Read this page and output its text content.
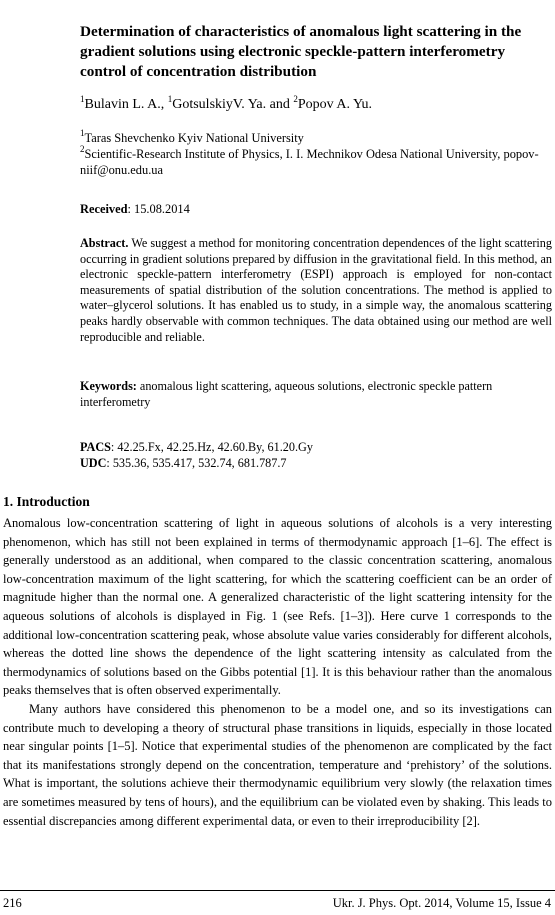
Determination of characteristics of anomalous light scattering in the gradient solutions using electronic speckle-pattern interferometry control of concentration distribution
$^1$Bulavin L. A., $^1$GotsulskiyV. Ya. and $^2$Popov A. Yu.
$^1$Taras Shevchenko Kyiv National University
$^2$Scientific-Research Institute of Physics, I. I. Mechnikov Odesa National University, popov-niif@onu.edu.ua
Received: 15.08.2014
Abstract. We suggest a method for monitoring concentration dependences of the light scattering occurring in gradient solutions prepared by diffusion in the gravitational field. In this method, an electronic speckle-pattern interferometry (ESPI) approach is employed for non-contact measurements of spatial distribution of the solution concentrations. The method is applied to water–glycerol solutions. It has enabled us to study, in a simple way, the anomalous scattering peaks hardly observable with common techniques. The data obtained using our method are well reproducible and reliable.
Keywords: anomalous light scattering, aqueous solutions, electronic speckle pattern interferometry
PACS: 42.25.Fx, 42.25.Hz, 42.60.By, 61.20.Gy
UDC: 535.36, 535.417, 532.74, 681.787.7
1. Introduction

Anomalous low-concentration scattering of light in aqueous solutions of alcohols is a very interesting phenomenon, which has still not been explained in terms of thermodynamic approach [1–6]. The effect is generally understood as an additional, when compared to the classic concentration scattering, anomalous low-concentration maximum of the light scattering, for which the scattering coefficient can be an order of magnitude higher than the normal one. A generalized characteristic of the light scattering intensity for the aqueous solutions of alcohols is displayed in Fig. 1 (see Refs. [1–3]). Here curve 1 corresponds to the additional low-concentration scattering peak, whose absolute value varies considerably for different alcohols, whereas the dotted line shows the dependence of the light scattering intensity as calculated from the thermodynamics of solutions based on the Gibbs potential [1]. It is this behaviour rather than the anomalous peaks themselves that is often observed experimentally.

Many authors have considered this phenomenon to be a model one, and so its investigations can contribute much to developing a theory of structural phase transitions in liquids, especially in those located near singular points [1–5]. Notice that experimental studies of the phenomenon are complicated by the fact that its manifestations strongly depend on the concentration, temperature and ‘prehistory’ of the solutions. What is important, the solutions achieve their thermodynamic equilibrium very slowly (the relaxation times are sometimes measured by tens of hours), and the equilibrium can be violated even by shaking. This leads to essential discrepancies among different experimental data, or even to their irreproducibility [2].

216	Ukr. J. Phys. Opt. 2014, Volume 15, Issue 4
